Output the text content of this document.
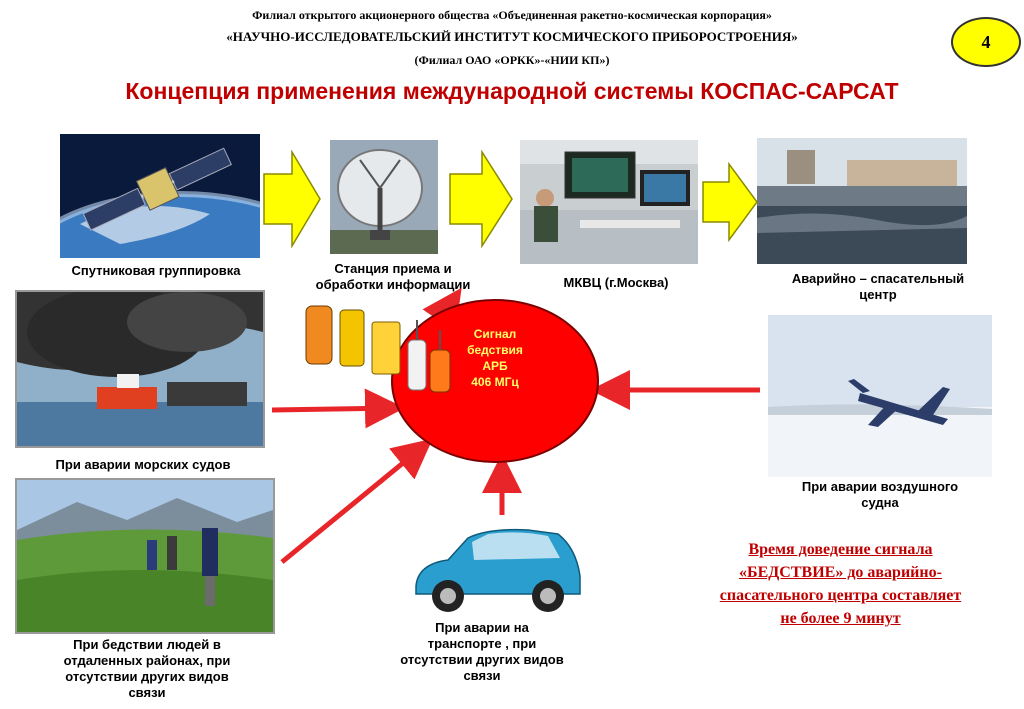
Филиал открытого акционерного общества «Объединенная ракетно-космическая корпорация»
«НАУЧНО-ИССЛЕДОВАТЕЛЬСКИЙ ИНСТИТУТ КОСМИЧЕСКОГО ПРИБОРОСТРОЕНИЯ»
(Филиал ОАО «ОРКК»-«НИИ КП»)
4
Концепция применения международной системы КОСПАС-САРСАТ
Спутниковая группировка	Станция приема и
обработки информации	МКВЦ (г.Москва)	Аварийно – спасательный
центр
Сигнал
бедствия
АРБ
406 МГц
При аварии морских судов
При аварии воздушного
судна
При бедствии людей в
отдаленных районах, при
отсутствии других видов
связи
При аварии на
транспорте , при
отсутствии других видов
связи
Время доведение сигнала
«БЕДСТВИЕ» до аварийно-
спасательного центра составляет
не более 9 минут
